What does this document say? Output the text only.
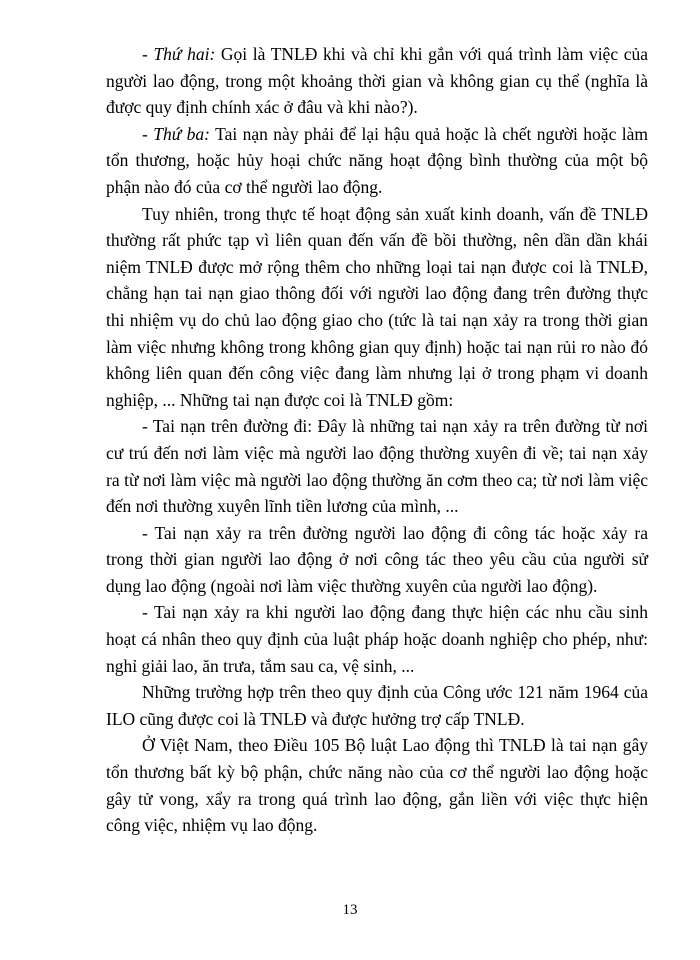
- Thứ hai: Gọi là TNLĐ khi và chỉ khi gắn với quá trình làm việc của người lao động, trong một khoảng thời gian và không gian cụ thể (nghĩa là được quy định chính xác ở đâu và khi nào?).

- Thứ ba: Tai nạn này phải để lại hậu quả hoặc là chết người hoặc làm tổn thương, hoặc hủy hoại chức năng hoạt động bình thường của một bộ phận nào đó của cơ thể người lao động.

Tuy nhiên, trong thực tế hoạt động sản xuất kinh doanh, vấn đề TNLĐ thường rất phức tạp vì liên quan đến vấn đề bồi thường, nên dần dần khái niệm TNLĐ được mở rộng thêm cho những loại tai nạn được coi là TNLĐ, chẳng hạn tai nạn giao thông đối với người lao động đang trên đường thực thi nhiệm vụ do chủ lao động giao cho (tức là tai nạn xảy ra trong thời gian làm việc nhưng không trong không gian quy định) hoặc tai nạn rủi ro nào đó không liên quan đến công việc đang làm nhưng lại ở trong phạm vi doanh nghiệp, ... Những tai nạn được coi là TNLĐ gồm:

- Tai nạn trên đường đi: Đây là những tai nạn xảy ra trên đường từ nơi cư trú đến nơi làm việc mà người lao động thường xuyên đi về; tai nạn xảy ra từ nơi làm việc mà người lao động thường ăn cơm theo ca; từ nơi làm việc đến nơi thường xuyên lĩnh tiền lương của mình, ...

- Tai nạn xảy ra trên đường người lao động đi công tác hoặc xảy ra trong thời gian người lao động ở nơi công tác theo yêu cầu của người sử dụng lao động (ngoài nơi làm việc thường xuyên của người lao động).

- Tai nạn xảy ra khi người lao động đang thực hiện các nhu cầu sinh hoạt cá nhân theo quy định của luật pháp hoặc doanh nghiệp cho phép, như: nghỉ giải lao, ăn trưa, tắm sau ca, vệ sinh, ...

Những trường hợp trên theo quy định của Công ước 121 năm 1964 của ILO cũng được coi là TNLĐ và được hưởng trợ cấp TNLĐ.

Ở Việt Nam, theo Điều 105 Bộ luật Lao động thì TNLĐ là tai nạn gây tổn thương bất kỳ bộ phận, chức năng nào của cơ thể người lao động hoặc gây tử vong, xẩy ra trong quá trình lao động, gắn liền với việc thực hiện công việc, nhiệm vụ lao động.

13
